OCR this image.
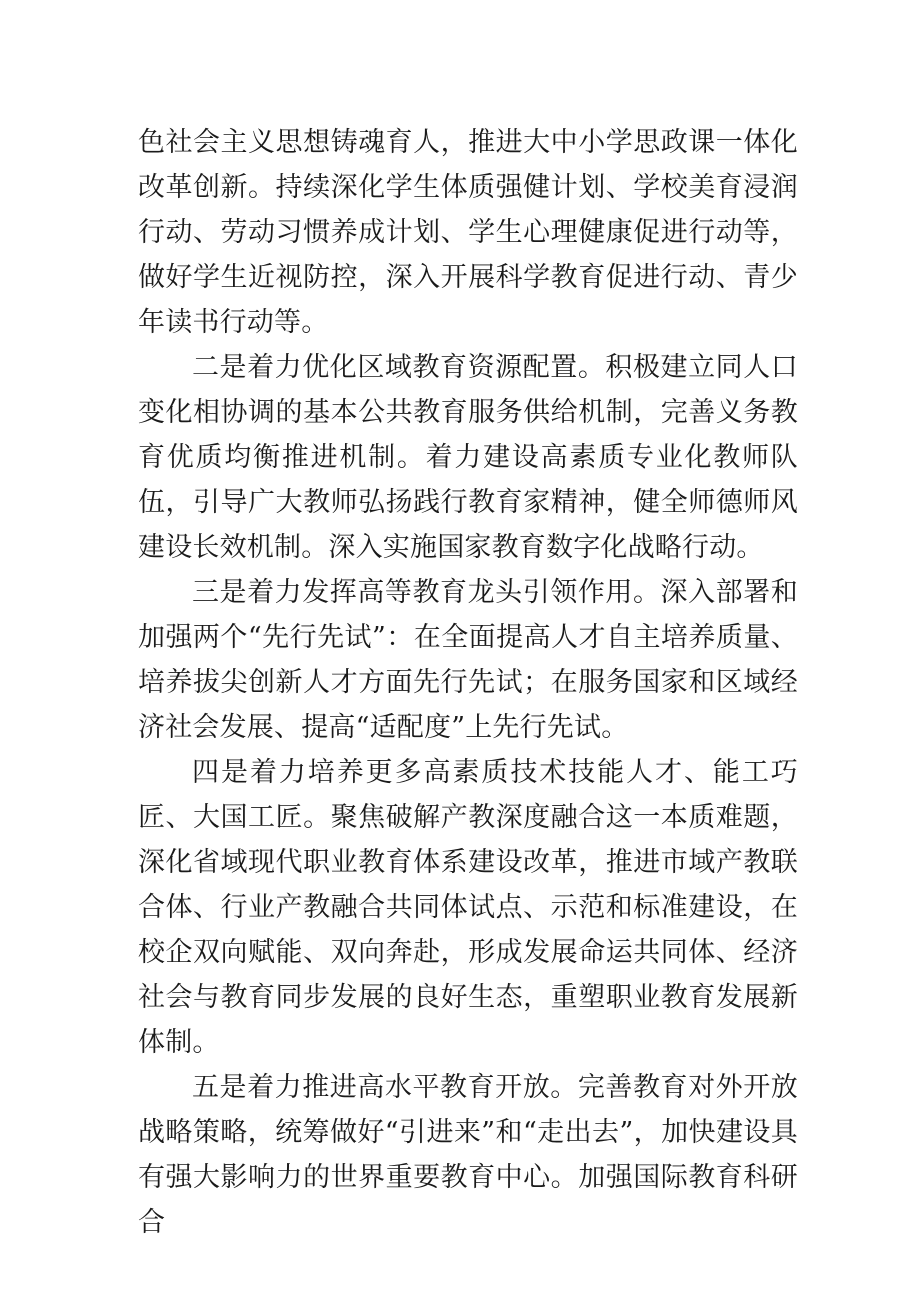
色社会主义思想铸魂育人，推进大中小学思政课一体化改革创新。持续深化学生体质强健计划、学校美育浸润行动、劳动习惯养成计划、学生心理健康促进行动等，做好学生近视防控，深入开展科学教育促进行动、青少年读书行动等。

二是着力优化区域教育资源配置。积极建立同人口变化相协调的基本公共教育服务供给机制，完善义务教育优质均衡推进机制。着力建设高素质专业化教师队伍，引导广大教师弘扬践行教育家精神，健全师德师风建设长效机制。深入实施国家教育数字化战略行动。

三是着力发挥高等教育龙头引领作用。深入部署和加强两个“先行先试”：在全面提高人才自主培养质量、培养拔尖创新人才方面先行先试；在服务国家和区域经济社会发展、提高“适配度”上先行先试。

四是着力培养更多高素质技术技能人才、能工巧匠、大国工匠。聚焦破解产教深度融合这一本质难题，深化省域现代职业教育体系建设改革，推进市域产教联合体、行业产教融合共同体试点、示范和标准建设，在校企双向赋能、双向奔赴，形成发展命运共同体、经济社会与教育同步发展的良好生态，重塑职业教育发展新体制。

五是着力推进高水平教育开放。完善教育对外开放战略策略，统筹做好“引进来”和“走出去”，加快建设具有强大影响力的世界重要教育中心。加强国际教育科研合
